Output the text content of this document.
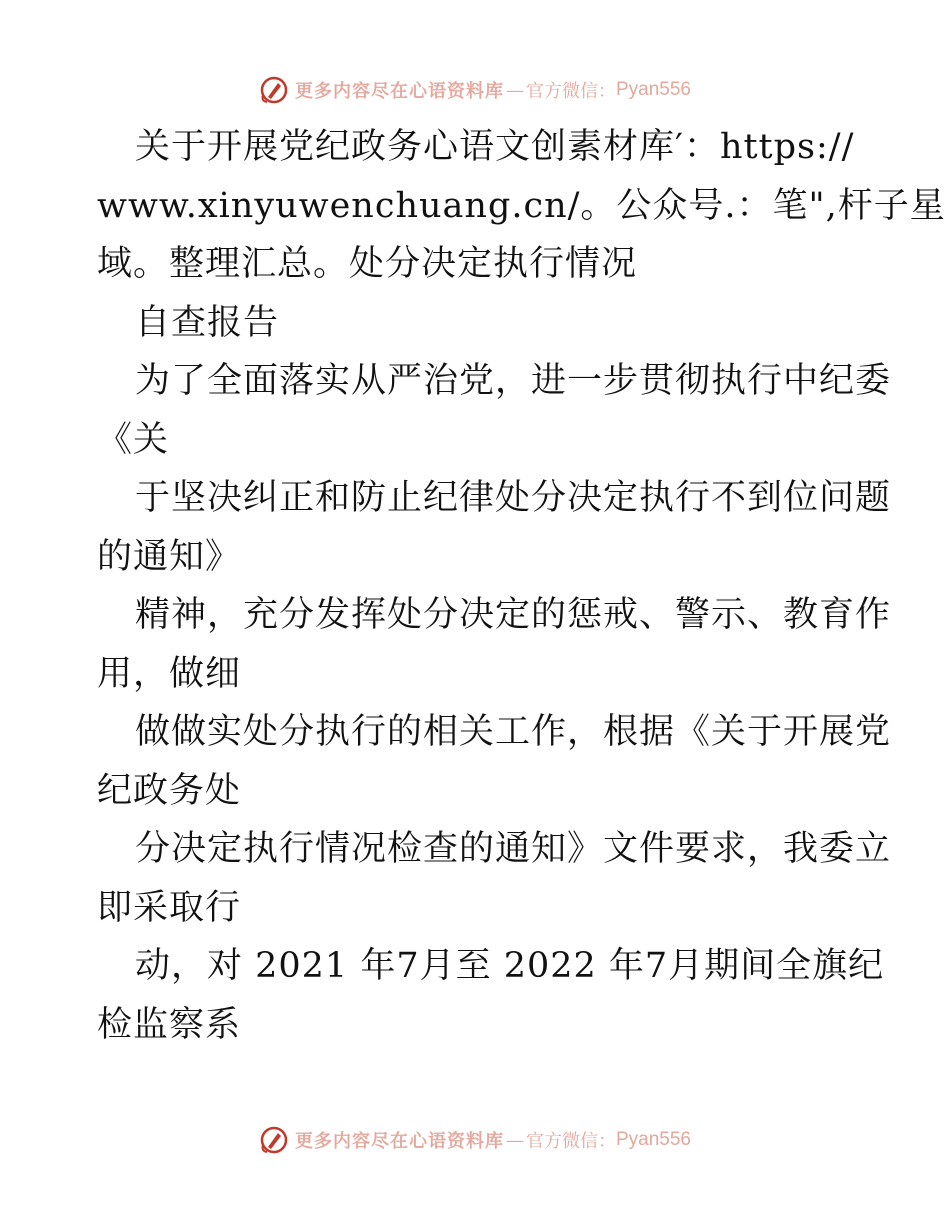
更多内容尽在心语资料库 — 官方微信： Pyan556
关于开展党纪政务心语文创素材库′：https://
www.xinyuwenchuang.cn/。公众号.：笔",杆子星
域。整理汇总。处分决定执行情况
自查报告
为了全面落实从严治党，进一步贯彻执行中纪委
《关
于坚决纠正和防止纪律处分决定执行不到位问题
的通知》
精神，充分发挥处分决定的惩戒、警示、教育作
用，做细
做做实处分执行的相关工作，根据《关于开展党
纪政务处
分决定执行情况检查的通知》文件要求，我委立
即采取行
动，对 2021 年7月至 2022 年7月期间全旗纪
检监察系
更多内容尽在心语资料库 — 官方微信： Pyan556
